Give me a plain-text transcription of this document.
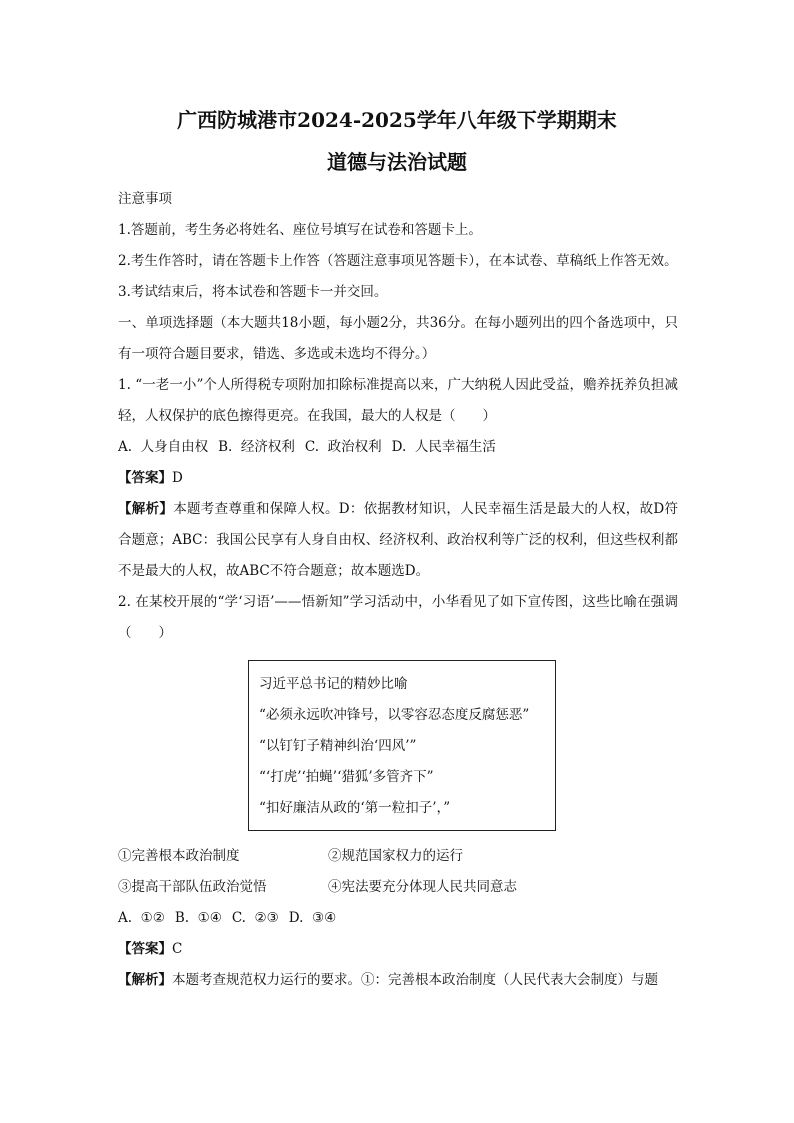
广西防城港市2024-2025学年八年级下学期期末
道德与法治试题

注意事项

1.答题前，考生务必将姓名、座位号填写在试卷和答题卡上。

2.考生作答时，请在答题卡上作答（答题注意事项见答题卡），在本试卷、草稿纸上作答无效。

3.考试结束后，将本试卷和答题卡一并交回。

一、单项选择题（本大题共18小题，每小题2分，共36分。在每小题列出的四个备选项中，只有一项符合题目要求，错选、多选或未选均不得分。）

1. “一老一小”个人所得税专项附加扣除标准提高以来，广大纳税人因此受益，赡养抚养负担减轻，人权保护的底色擦得更亮。在我国，最大的人权是（　　）

A.  人身自由权 B.  经济权利 C.  政治权利 D.  人民幸福生活

【答案】D

【解析】本题考查尊重和保障人权。D：依据教材知识，人民幸福生活是最大的人权，故D符合题意；ABC：我国公民享有人身自由权、经济权利、政治权利等广泛的权利，但这些权利都不是最大的人权，故ABC不符合题意；故本题选D。

2. 在某校开展的“学‘习语’——悟新知”学习活动中，小华看见了如下宣传图，这些比喻在强调（　　）

习近平总书记的精妙比喻
“必须永远吹冲锋号，以零容忍态度反腐惩恶”
“以钉钉子精神纠治‘四风’”
“‘打虎’‘拍蝇’‘猎狐’多管齐下”
“扣好廉洁从政的‘第一粒扣子’，”
①完善根本政治制度	②规范国家权力的运行
③提高干部队伍政治觉悟	④宪法要充分体现人民共同意志
A.  ①② B.  ①④ C.  ②③ D.  ③④

【答案】C

【解析】本题考查规范权力运行的要求。①：完善根本政治制度（人民代表大会制度）与题
